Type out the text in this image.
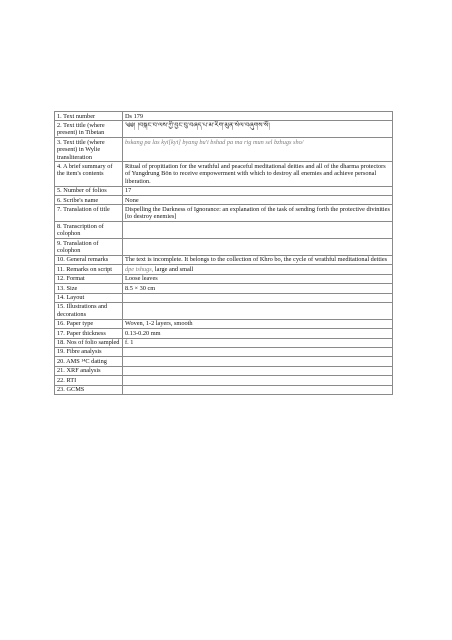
1. Text number	Ds 179
2. Text title (where present) in Tibetan	༄༅། །བསྐང་བ་ལས་ཀྱི་བྱང་བུ་བཞད་པ་མ་རིག་མུན་སེལ་བཞུགས་སོ།
3. Text title (where present) in Wylie transliteration	bskang pa las kyi[kyi] byang bu'i bshad pa ma rig mun sel bzhugs sho/
4. A brief summary of the item's contents	Ritual of propitiation for the wrathful and peaceful meditational deities and all of the dharma protectors of Yungdrung Bön to receive empowerment with which to destroy all enemies and achieve personal liberation.
5. Number of folios	17
6. Scribe's name	None
7. Translation of title	Dispelling the Darkness of Ignorance: an explanation of the task of sending forth the protective divinities [to destroy enemies]
8. Transcription of colophon	
9. Translation of colophon	
10. General remarks	The text is incomplete. It belongs to the collection of Khro bo, the cycle of wrathful meditational deities
11. Remarks on script	dpe tshugs, large and small
12. Format	Loose leaves
13. Size	8.5 × 30 cm
14. Layout	
15. Illustrations and decorations	
16. Paper type	Woven, 1-2 layers, smooth
17. Paper thickness	0.13-0.20 mm
18. Nos of folio sampled	f. 1
19. Fibre analysis	
20. AMS ¹⁴C dating	
21. XRF analysis	
22. RTI	
23. GCMS	
